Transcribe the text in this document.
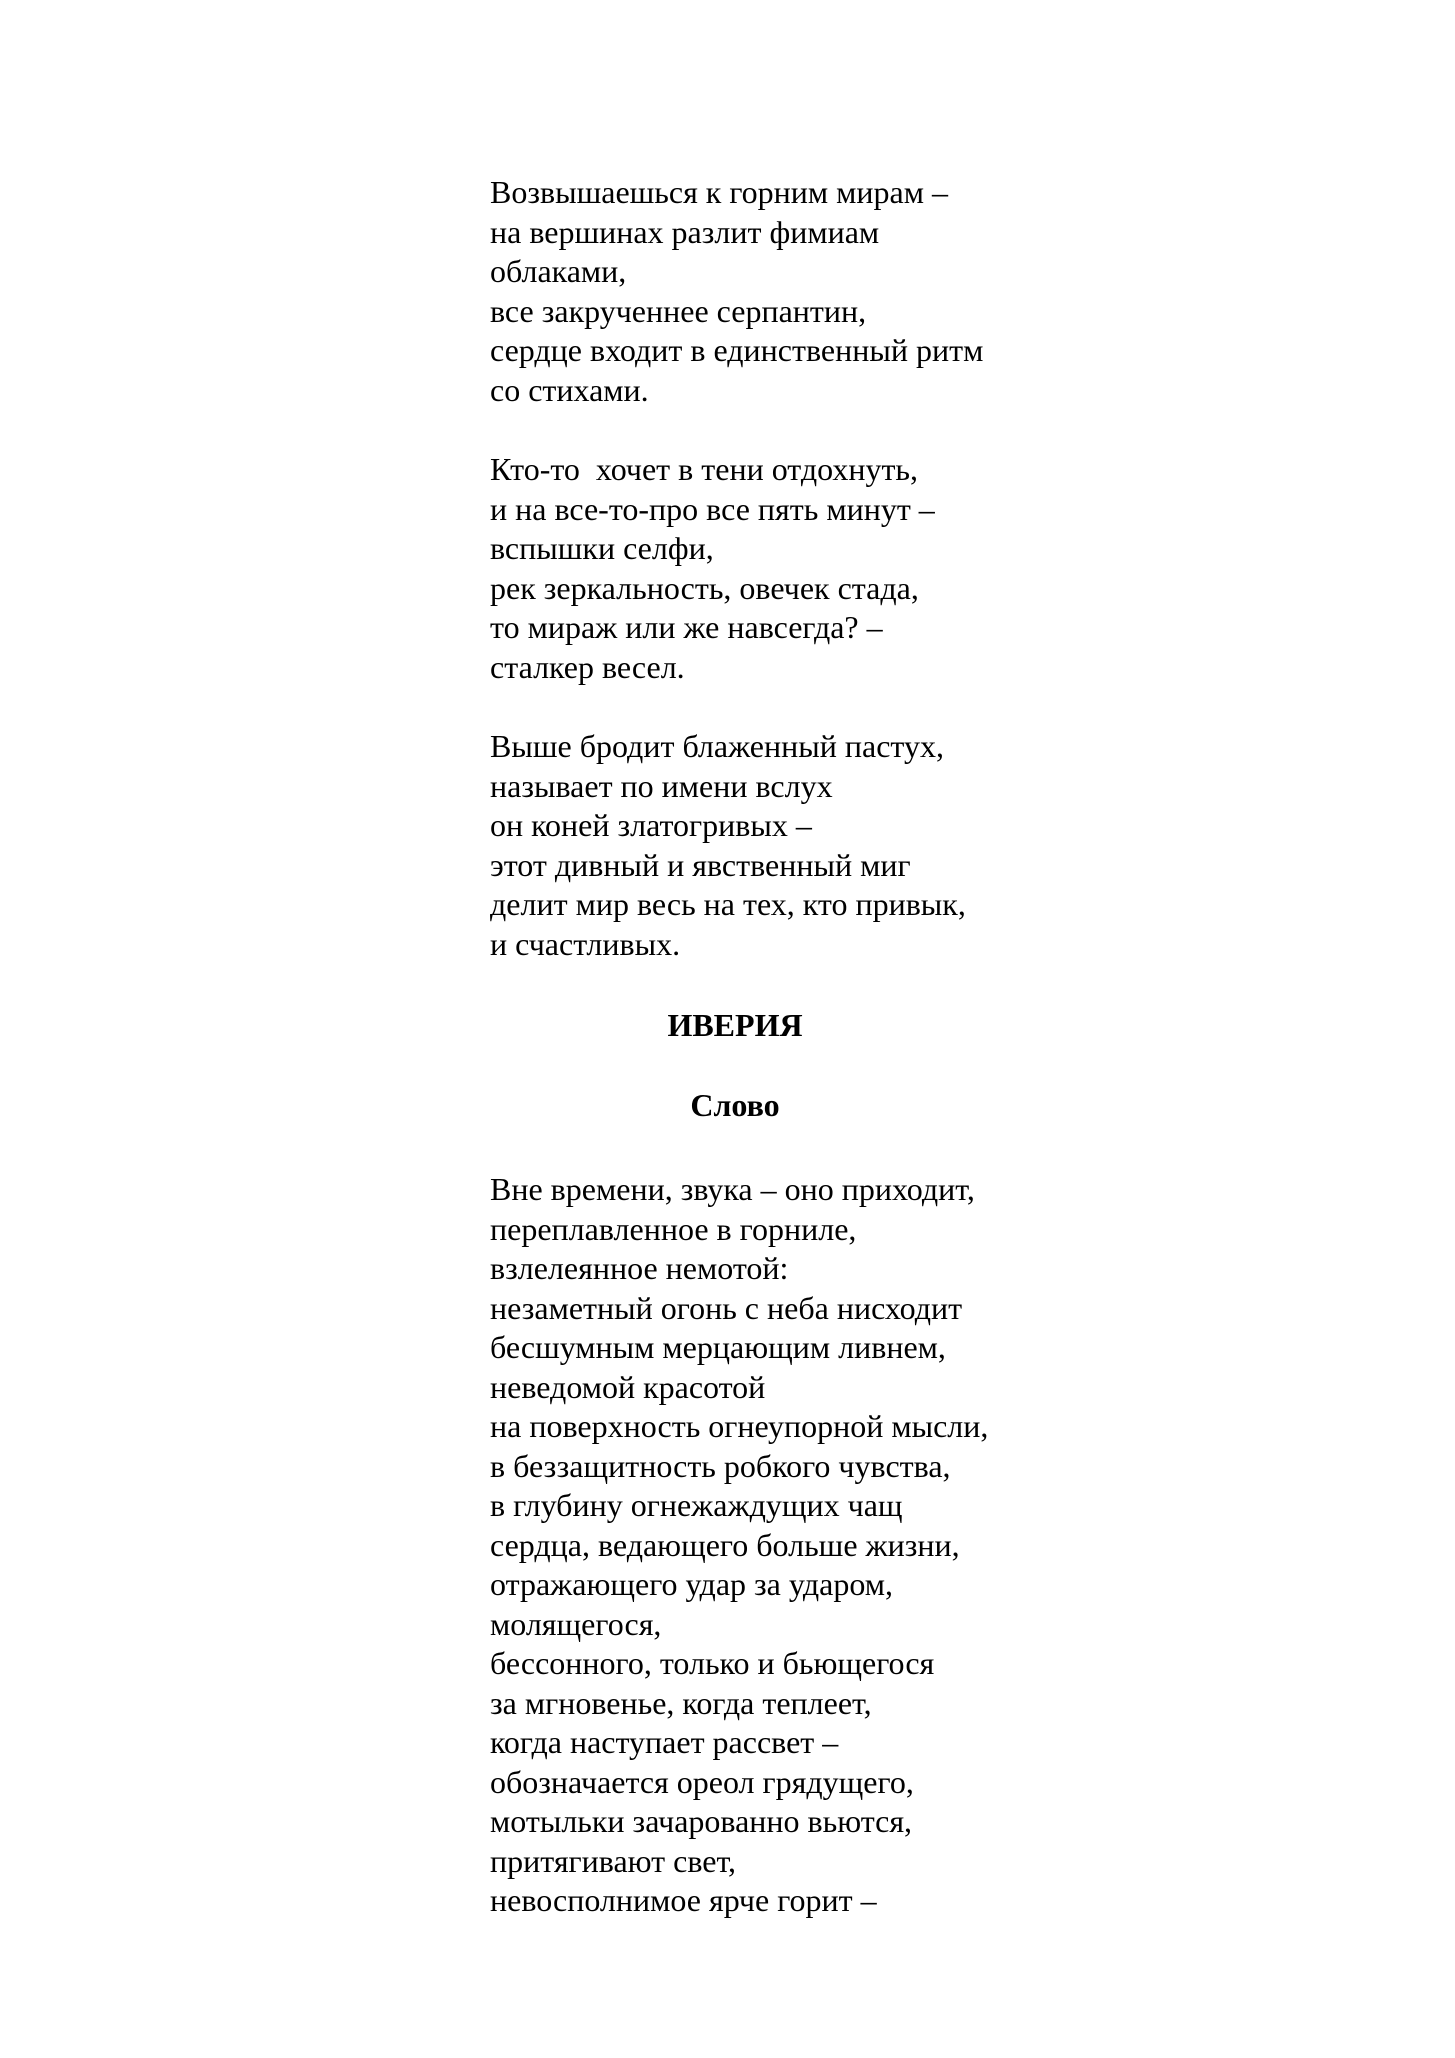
Возвышаешься к горним мирам –
на вершинах разлит фимиам
облаками,
все закрученнее серпантин,
сердце входит в единственный ритм
со стихами.
Кто-то  хочет в тени отдохнуть,
и на все-то-про все пять минут –
вспышки селфи,
рек зеркальность, овечек стада,
то мираж или же навсегда? –
сталкер весел.
Выше бродит блаженный пастух,
называет по имени вслух
он коней златогривых –
этот дивный и явственный миг
делит мир весь на тех, кто привык,
и счастливых.
ИВЕРИЯ
Слово
Вне времени, звука – оно приходит,
переплавленное в горниле,
взлелеянное немотой:
незаметный огонь с неба нисходит
бесшумным мерцающим ливнем,
неведомой красотой
на поверхность огнеупорной мысли,
в беззащитность робкого чувства,
в глубину огнежаждущих чащ
сердца, ведающего больше жизни,
отражающего удар за ударом,
молящегося,
бессонного, только и бьющегося
за мгновенье, когда теплеет,
когда наступает рассвет –
обозначается ореол грядущего,
мотыльки зачарованно вьются,
притягивают свет,
невосполнимое ярче горит –
